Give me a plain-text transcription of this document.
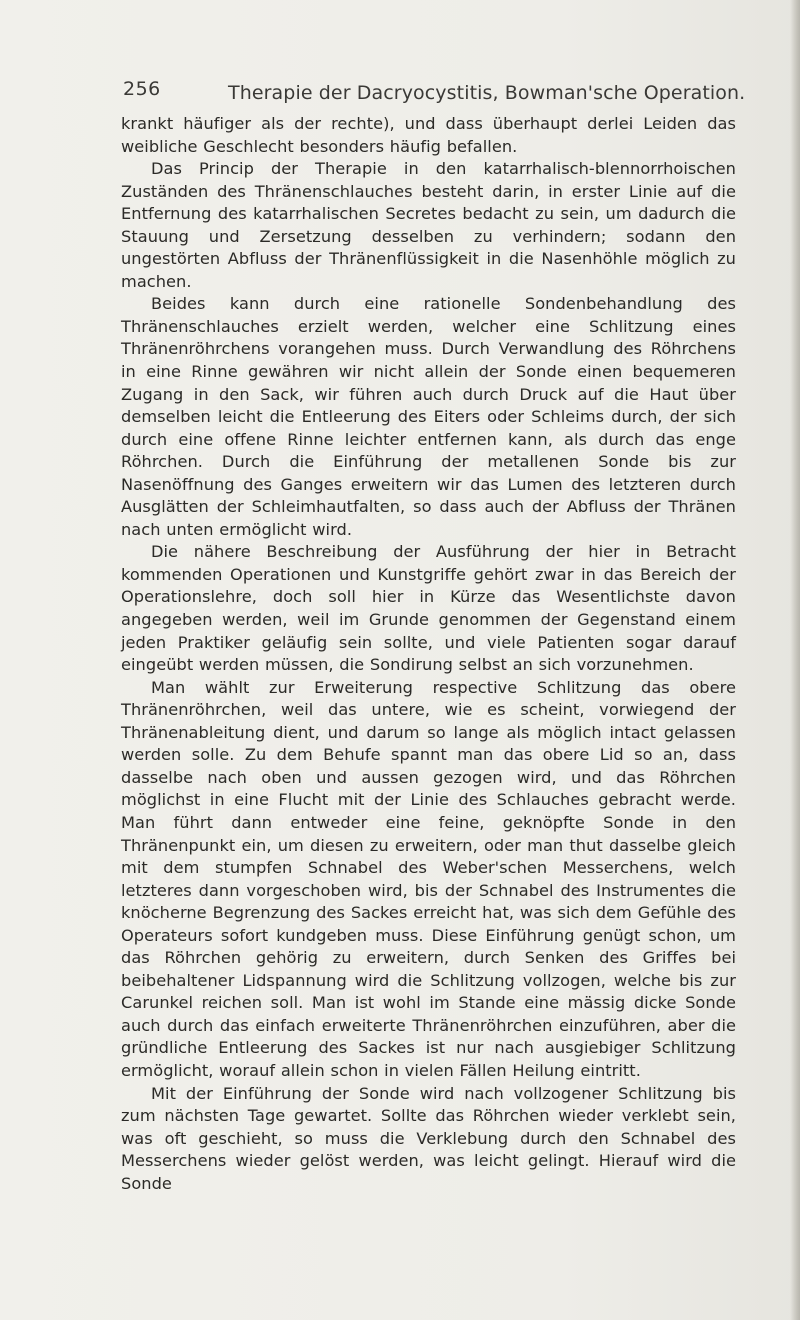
256	Therapie der Dacryocystitis, Bowman'sche Operation.

krankt häufiger als der rechte), und dass überhaupt derlei Leiden das weibliche Geschlecht besonders häufig befallen.

Das Princip der Therapie in den katarrhalisch-blennorrhoischen Zuständen des Thränenschlauches besteht darin, in erster Linie auf die Entfernung des katarrhalischen Secretes bedacht zu sein, um dadurch die Stauung und Zersetzung desselben zu verhindern; sodann den ungestörten Abfluss der Thränenflüssigkeit in die Nasenhöhle möglich zu machen.

Beides kann durch eine rationelle Sondenbehandlung des Thränenschlauches erzielt werden, welcher eine Schlitzung eines Thränenröhrchens vorangehen muss. Durch Verwandlung des Röhrchens in eine Rinne gewähren wir nicht allein der Sonde einen bequemeren Zugang in den Sack, wir führen auch durch Druck auf die Haut über demselben leicht die Entleerung des Eiters oder Schleims durch, der sich durch eine offene Rinne leichter entfernen kann, als durch das enge Röhrchen. Durch die Einführung der metallenen Sonde bis zur Nasenöffnung des Ganges erweitern wir das Lumen des letzteren durch Ausglätten der Schleimhautfalten, so dass auch der Abfluss der Thränen nach unten ermöglicht wird.

Die nähere Beschreibung der Ausführung der hier in Betracht kommenden Operationen und Kunstgriffe gehört zwar in das Bereich der Operationslehre, doch soll hier in Kürze das Wesentlichste davon angegeben werden, weil im Grunde genommen der Gegenstand einem jeden Praktiker geläufig sein sollte, und viele Patienten sogar darauf eingeübt werden müssen, die Sondirung selbst an sich vorzunehmen.

Man wählt zur Erweiterung respective Schlitzung das obere Thränenröhrchen, weil das untere, wie es scheint, vorwiegend der Thränenableitung dient, und darum so lange als möglich intact gelassen werden solle. Zu dem Behufe spannt man das obere Lid so an, dass dasselbe nach oben und aussen gezogen wird, und das Röhrchen möglichst in eine Flucht mit der Linie des Schlauches gebracht werde. Man führt dann entweder eine feine, geknöpfte Sonde in den Thränenpunkt ein, um diesen zu erweitern, oder man thut dasselbe gleich mit dem stumpfen Schnabel des Weber'schen Messerchens, welch letzteres dann vorgeschoben wird, bis der Schnabel des Instrumentes die knöcherne Begrenzung des Sackes erreicht hat, was sich dem Gefühle des Operateurs sofort kundgeben muss. Diese Einführung genügt schon, um das Röhrchen gehörig zu erweitern, durch Senken des Griffes bei beibehaltener Lidspannung wird die Schlitzung vollzogen, welche bis zur Carunkel reichen soll. Man ist wohl im Stande eine mässig dicke Sonde auch durch das einfach erweiterte Thränenröhrchen einzuführen, aber die gründliche Entleerung des Sackes ist nur nach ausgiebiger Schlitzung ermöglicht, worauf allein schon in vielen Fällen Heilung eintritt.

Mit der Einführung der Sonde wird nach vollzogener Schlitzung bis zum nächsten Tage gewartet. Sollte das Röhrchen wieder verklebt sein, was oft geschieht, so muss die Verklebung durch den Schnabel des Messerchens wieder gelöst werden, was leicht gelingt. Hierauf wird die Sonde
